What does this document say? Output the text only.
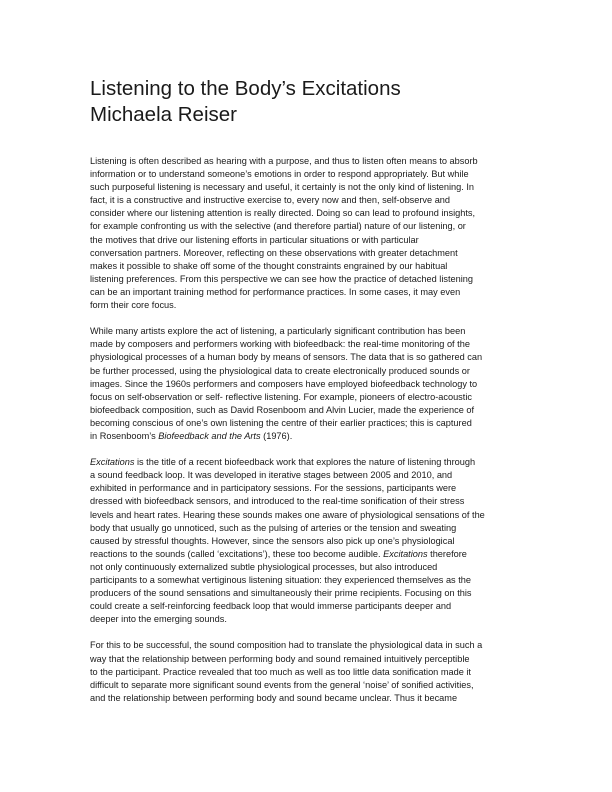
Listening to the Body’s Excitations
Michaela Reiser

Listening is often described as hearing with a purpose, and thus to listen often means to absorb
information or to understand someone’s emotions in order to respond appropriately. But while
such purposeful listening is necessary and useful, it certainly is not the only kind of listening. In
fact, it is a constructive and instructive exercise to, every now and then, self-observe and
consider where our listening attention is really directed. Doing so can lead to profound insights,
for example confronting us with the selective (and therefore partial) nature of our listening, or
the motives that drive our listening efforts in particular situations or with particular
conversation partners. Moreover, reflecting on these observations with greater detachment
makes it possible to shake off some of the thought constraints engrained by our habitual
listening preferences. From this perspective we can see how the practice of detached listening
can be an important training method for performance practices. In some cases, it may even
form their core focus.

While many artists explore the act of listening, a particularly significant contribution has been
made by composers and performers working with biofeedback: the real-time monitoring of the
physiological processes of a human body by means of sensors. The data that is so gathered can
be further processed, using the physiological data to create electronically produced sounds or
images. Since the 1960s performers and composers have employed biofeedback technology to
focus on self-observation or self- reflective listening. For example, pioneers of electro-acoustic
biofeedback composition, such as David Rosenboom and Alvin Lucier, made the experience of
becoming conscious of one’s own listening the centre of their earlier practices; this is captured
in Rosenboom’s Biofeedback and the Arts (1976).

Excitations is the title of a recent biofeedback work that explores the nature of listening through
a sound feedback loop. It was developed in iterative stages between 2005 and 2010, and
exhibited in performance and in participatory sessions. For the sessions, participants were
dressed with biofeedback sensors, and introduced to the real-time sonification of their stress
levels and heart rates. Hearing these sounds makes one aware of physiological sensations of the
body that usually go unnoticed, such as the pulsing of arteries or the tension and sweating
caused by stressful thoughts. However, since the sensors also pick up one’s physiological
reactions to the sounds (called ‘excitations’), these too become audible. Excitations therefore
not only continuously externalized subtle physiological processes, but also introduced
participants to a somewhat vertiginous listening situation: they experienced themselves as the
producers of the sound sensations and simultaneously their prime recipients. Focusing on this
could create a self-reinforcing feedback loop that would immerse participants deeper and
deeper into the emerging sounds.

For this to be successful, the sound composition had to translate the physiological data in such a
way that the relationship between performing body and sound remained intuitively perceptible
to the participant. Practice revealed that too much as well as too little data sonification made it
difficult to separate more significant sound events from the general ‘noise’ of sonified activities,
and the relationship between performing body and sound became unclear. Thus it became
